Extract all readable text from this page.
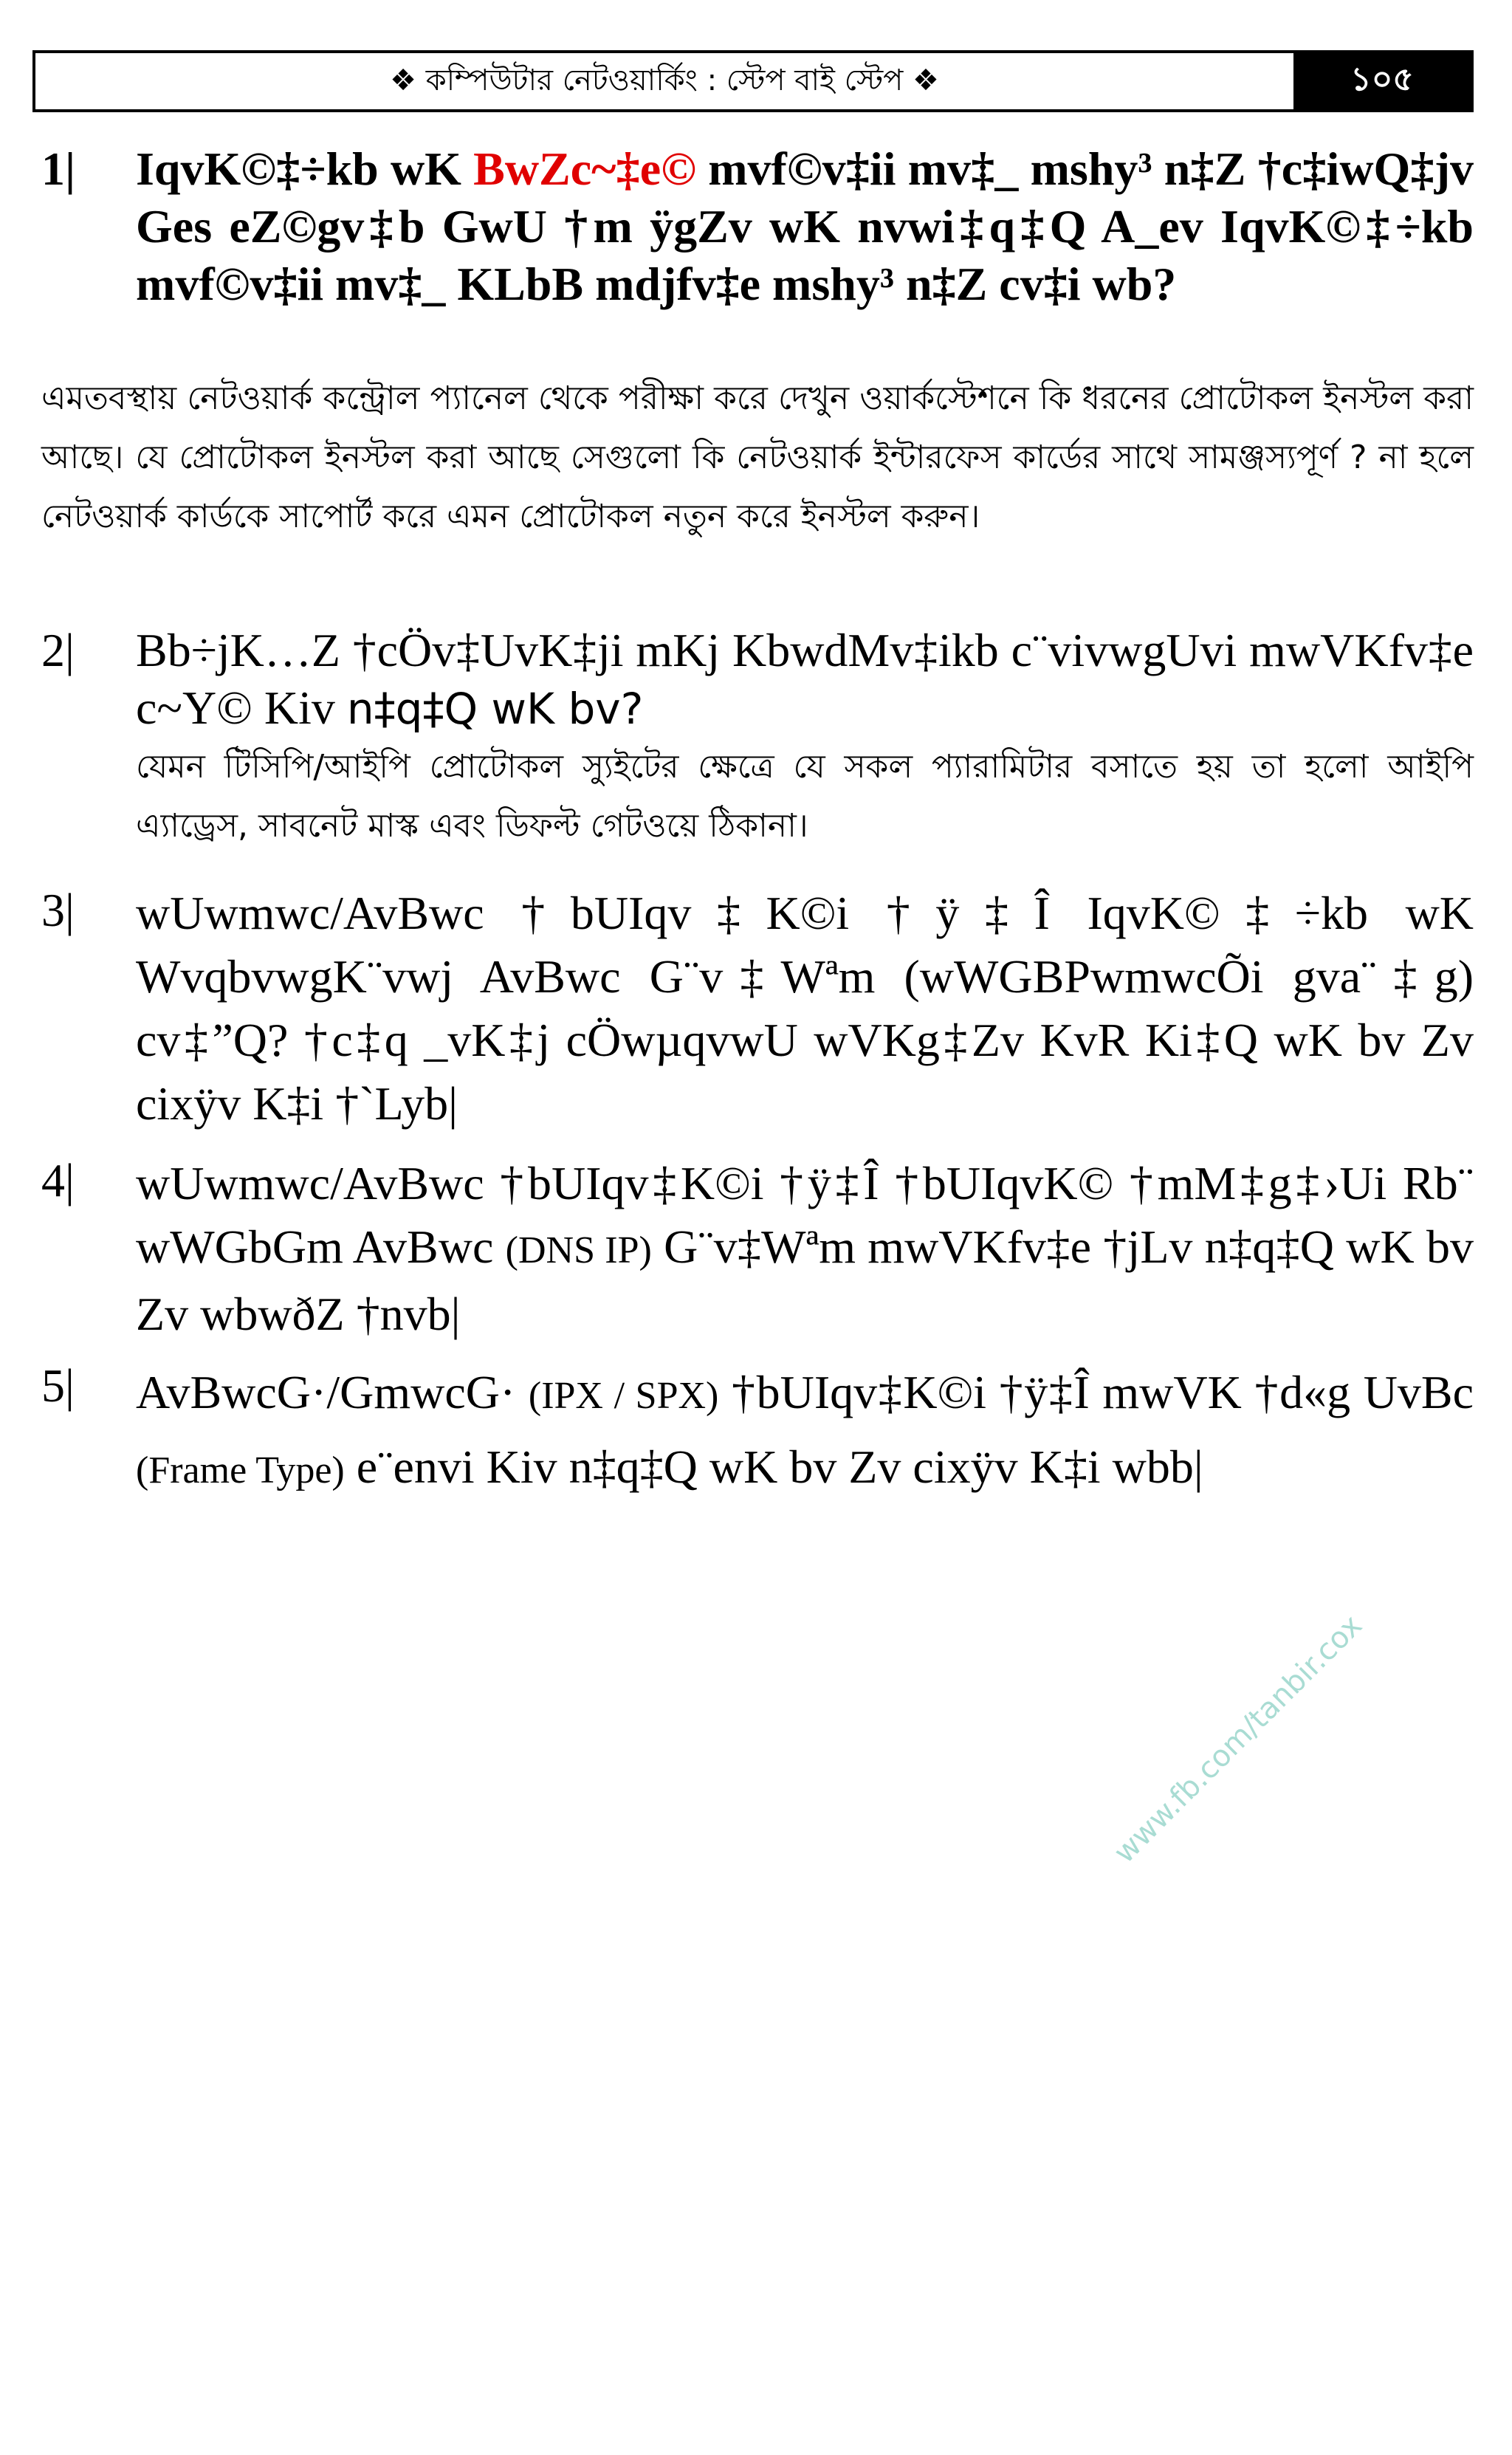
❖ কম্পিউটার নেটওয়ার্কিং : স্টেপ বাই স্টেপ ❖	১০৫
1| IqvK©‡÷kb wK BwZc~‡e© mvf©v‡ii mv‡_ mshy³ n‡Z †c‡iwQ‡jv Ges eZ©gv‡b GwU †m ÿgZv wK nvwi‡q‡Q A_ev IqvK©‡÷kb mvf©v‡ii mv‡_ KLbB mdjfv‡e mshy³ n‡Z cv‡i wb?
এমতবস্থায় নেটওয়ার্ক কন্ট্রোল প্যানেল থেকে পরীক্ষা করে দেখুন ওয়ার্কস্টেশনে কি ধরনের প্রোটোকল ইনস্টল করা আছে। যে প্রোটোকল ইনস্টল করা আছে সেগুলো কি নেটওয়ার্ক ইন্টারফেস কার্ডের সাথে সামঞ্জস্যপূর্ণ ? না হলে নেটওয়ার্ক কার্ডকে সাপোর্ট করে এমন প্রোটোকল নতুন করে ইনস্টল করুন।
2| Bb÷jK…Z †cÖv‡UvK‡ji mKj KbwdMv‡ikb c¨vivwgUvi mwVKfv‡e c~Y© Kiv n‡q‡Q wK bv?
যেমন টিসিপি/আইপি প্রোটোকল স্যুইটের ক্ষেত্রে যে সকল প্যারামিটার বসাতে হয় তা হলো আইপি এ্যাড্রেস, সাবনেট মাস্ক এবং ডিফল্ট গেটওয়ে ঠিকানা।
3| wUwmwc/AvBwc †bUIqv‡K©i †ÿ‡Î IqvK©‡÷kb wK WvqbvwgK¨vwj AvBwc G¨v‡Wªm (wWGBPwmwcÕi gva¨‡g) cv‡”Q? †c‡q _vK‡j cÖwµqvwU wVKg‡Zv KvR Ki‡Q wK bv Zv cixÿv K‡i †`Lyb|
4| wUwmwc/AvBwc †bUIqv‡K©i †ÿ‡Î †bUIqvK© †mM‡g‡›Ui Rb¨ wWGbGm AvBwc (DNS IP) G¨v‡Wªm mwVKfv‡e †jLv n‡q‡Q wK bv Zv wbwðZ †nvb|
5| AvBwcG·/GmwcG· (IPX / SPX) †bUIqv‡K©i †ÿ‡Î mwVK †d«g UvBc (Frame Type) e¨envi Kiv n‡q‡Q wK bv Zv cixÿv K‡i wbb|
www.fb.com/tanbir.cox
